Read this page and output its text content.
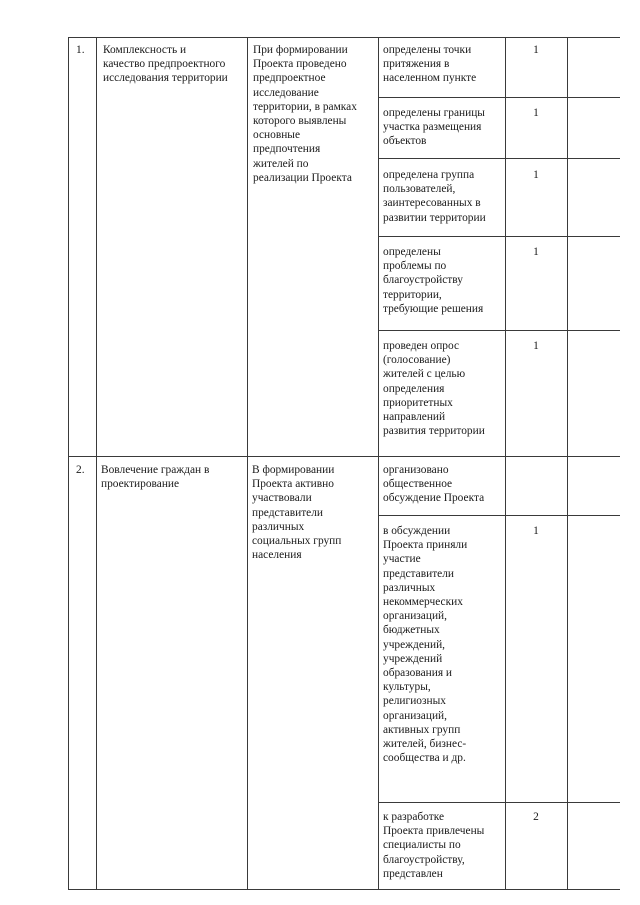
1. Комплексность и
качество предпроектного
исследования территории
При формировании
Проекта проведено
предпроектное
исследование
территории, в рамках
которого выявлены
основные
предпочтения
жителей по
реализации Проекта
определены точки
притяжения в
населенном пункте
1
определены границы
участка размещения
объектов
1
определена группа
пользователей,
заинтересованных в
развитии территории
1
определены
проблемы по
благоустройству
территории,
требующие решения
1
проведен опрос
(голосование)
жителей с целью
определения
приоритетных
направлений
развития территории
1
2. Вовлечение граждан в
проектирование
В формировании
Проекта активно
участвовали
представители
различных
социальных групп
населения
организовано
общественное
обсуждение Проекта
в обсуждении
Проекта приняли
участие
представители
различных
некоммерческих
организаций,
бюджетных
учреждений,
учреждений
образования и
культуры,
религиозных
организаций,
активных групп
жителей, бизнес-
сообщества и др.
1
к разработке
Проекта привлечены
специалисты по
благоустройству,
представлен
2
